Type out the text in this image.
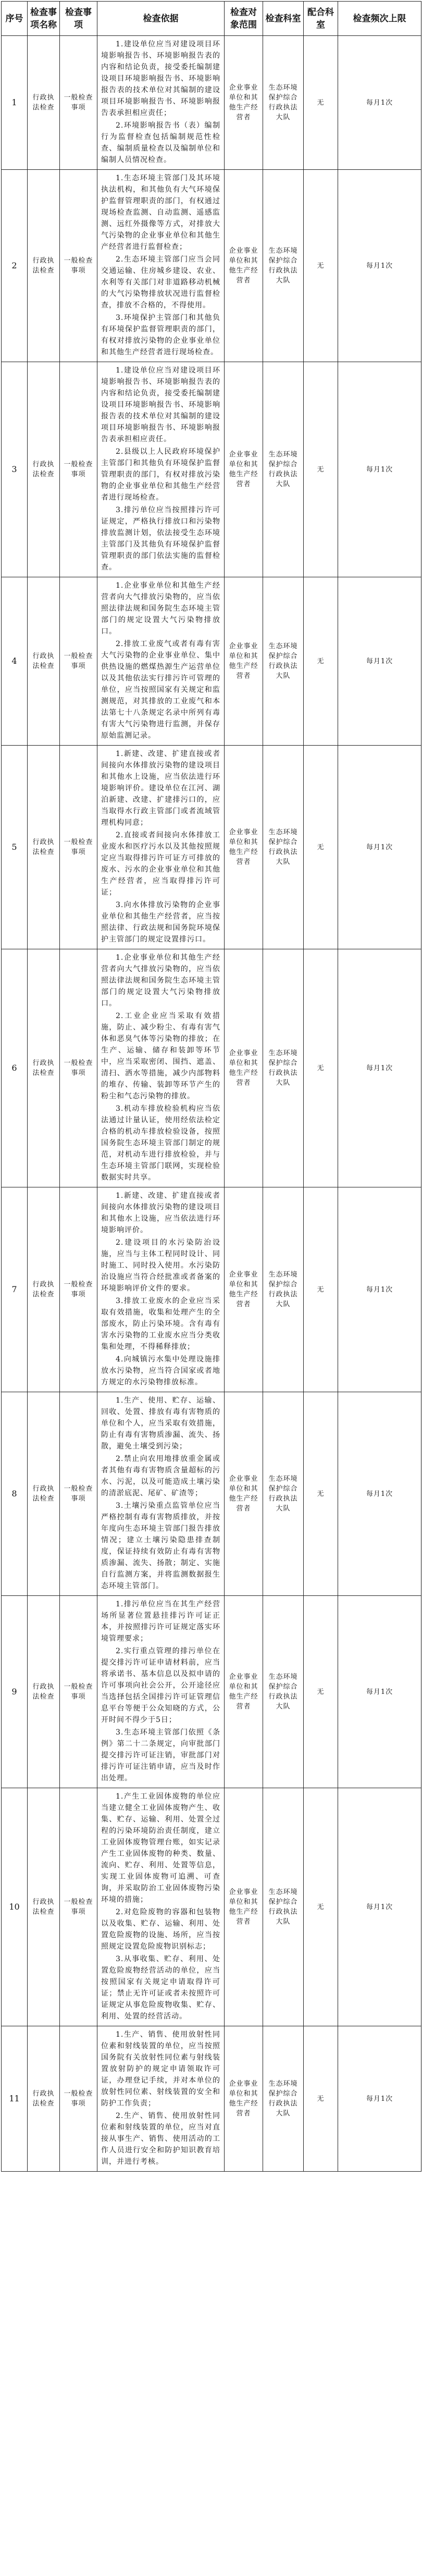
序号	检查事项名称	检查事项	检查依据	检查对象范围	检查科室	配合科室	检查频次上限
1	行政执法检查	一般检查事项	1.建设单位应当对建设项目环境影响报告书、环境影响报告表的内容和结论负责，接受委托编制建设项目环境影响报告书、环境影响报告表的技术单位对其编制的建设项目环境影响报告书、环境影响报告表承担相应责任；

2.环境影响报告书（表）编制行为监督检查包括编制规范性检查、编制质量检查以及编制单位和编制人员情况检查。	企业事业单位和其他生产经营者	生态环境保护综合行政执法大队	无	每月1次
2	行政执法检查	一般检查事项	1.生态环境主管部门及其环境执法机构，和其他负有大气环境保护监督管理职责的部门，有权通过现场检查监测、自动监测、遥感监测、远红外摄像等方式，对排放大气污染物的企业事业单位和其他生产经营者进行监督检查；

2.生态环境主管部门应当会同交通运输、住房城乡建设、农业、水利等有关部门对非道路移动机械的大气污染物排放状况进行监督检查，排放不合格的，不得使用。

3.环境保护主管部门和其他负有环境保护监督管理职责的部门，有权对排放污染物的企业事业单位和其他生产经营者进行现场检查。	企业事业单位和其他生产经营者	生态环境保护综合行政执法大队	无	每月1次
3	行政执法检查	一般检查事项	1.建设单位应当对建设项目环境影响报告书、环境影响报告表的内容和结论负责，接受委托编制建设项目环境影响报告书、环境影响报告表的技术单位对其编制的建设项目环境影响报告书、环境影响报告表承担相应责任。

2.县级以上人民政府环境保护主管部门和其他负有环境保护监督管理职责的部门，有权对排放污染物的企业事业单位和其他生产经营者进行现场检查。

3.排污单位应当按照排污许可证规定，严格执行排放口和污染物排放监测计划，依法接受生态环境主管部门及其他负有环境保护监督管理职责的部门依法实施的监督检查。	企业事业单位和其他生产经营者	生态环境保护综合行政执法大队	无	每月1次
4	行政执法检查	一般检查事项	1.企业事业单位和其他生产经营者向大气排放污染物的，应当依照法律法规和国务院生态环境主管部门的规定设置大气污染物排放口。

2.排放工业废气或者有毒有害大气污染物的企业事业单位、集中供热设施的燃煤热源生产运营单位以及其他依法实行排污许可管理的单位，应当按照国家有关规定和监测规范，对其排放的工业废气和本法第七十八条规定名录中所列有毒有害大气污染物进行监测，并保存原始监测记录。	企业事业单位和其他生产经营者	生态环境保护综合行政执法大队	无	每月1次
5	行政执法检查	一般检查事项	1.新建、改建、扩建直接或者间接向水体排放污染物的建设项目和其他水上设施，应当依法进行环境影响评价。建设单位在江河、湖泊新建、改建、扩建排污口的，应当取得水行政主管部门或者流域管理机构同意；

2.直接或者间接向水体排放工业废水和医疗污水以及其他按照规定应当取得排污许可证方可排放的废水、污水的企业事业单位和其他生产经营者，应当取得排污许可证；

3.向水体排放污染物的企业事业单位和其他生产经营者，应当按照法律、行政法规和国务院环境保护主管部门的规定设置排污口。	企业事业单位和其他生产经营者	生态环境保护综合行政执法大队	无	每月1次
6	行政执法检查	一般检查事项	1.企业事业单位和其他生产经营者向大气排放污染物的，应当依照法律法规和国务院生态环境主管部门的规定设置大气污染物排放口。

2.工业企业应当采取有效措施，防止、减少粉尘、有毒有害气体和恶臭气体等污染物的排放；在生产、运输、储存和装卸等环节中，应当采取密闭、围挡、遮盖、清扫、洒水等措施，减少内部物料的堆存、传输、装卸等环节产生的粉尘和气态污染物的排放。

3.机动车排放检验机构应当依法通过计量认证，使用经依法检定合格的机动车排放检验设备，按照国务院生态环境主管部门制定的规范，对机动车进行排放检验，并与生态环境主管部门联网，实现检验数据实时共享。	企业事业单位和其他生产经营者	生态环境保护综合行政执法大队	无	每月1次
7	行政执法检查	一般检查事项	1.新建、改建、扩建直接或者间接向水体排放污染物的建设项目和其他水上设施，应当依法进行环境影响评价。

2.建设项目的水污染防治设施，应当与主体工程同时设计、同时施工、同时投入使用。水污染防治设施应当符合经批准或者备案的环境影响评价文件的要求。

3.排放工业废水的企业应当采取有效措施，收集和处理产生的全部废水，防止污染环境。含有毒有害水污染物的工业废水应当分类收集和处理，不得稀释排放；

4.向城镇污水集中处理设施排放水污染物，应当符合国家或者地方规定的水污染物排放标准。	企业事业单位和其他生产经营者	生态环境保护综合行政执法大队	无	每月1次
8	行政执法检查	一般检查事项	1.生产、使用、贮存、运输、回收、处置、排放有毒有害物质的单位和个人，应当采取有效措施，防止有毒有害物质渗漏、流失、扬散，避免土壤受到污染；

2.禁止向农用地排放重金属或者其他有毒有害物质含量超标的污水、污泥，以及可能造成土壤污染的清淤底泥、尾矿、矿渣等；

3.土壤污染重点监管单位应当严格控制有毒有害物质排放，并按年度向生态环境主管部门报告排放情况；建立土壤污染隐患排查制度，保证持续有效防止有毒有害物质渗漏、流失、扬散；制定、实施自行监测方案，并将监测数据报生态环境主管部门。	企业事业单位和其他生产经营者	生态环境保护综合行政执法大队	无	每月1次
9	行政执法检查	一般检查事项	1.排污单位应当在其生产经营场所显著位置悬挂排污许可证正本，并按照排污许可证规定落实环境管理要求；

2.实行重点管理的排污单位在提交排污许可证申请材料前，应当将承诺书、基本信息以及拟申请的许可事项向社会公开，公开途径应当选择包括全国排污许可证管理信息平台等便于公众知晓的方式，公开时间不得少于5日；

3.生态环境主管部门依照《条例》第二十二条规定，向审批部门提交排污许可证注销，审批部门对排污许可证注销申请，应当及时作出处理。	企业事业单位和其他生产经营者	生态环境保护综合行政执法大队	无	每月1次
10	行政执法检查	一般检查事项	1.产生工业固体废物的单位应当建立健全工业固体废物产生、收集、贮存、运输、利用、处置全过程的污染环境防治责任制度，建立工业固体废物管理台账，如实记录产生工业固体废物的种类、数量、流向、贮存、利用、处置等信息，实现工业固体废物可追溯、可查询，并采取防治工业固体废物污染环境的措施；

2.对危险废物的容器和包装物以及收集、贮存、运输、利用、处置危险废物的设施、场所，应当按照规定设置危险废物识别标志；

3.从事收集、贮存、利用、处置危险废物经营活动的单位，应当按照国家有关规定申请取得许可证；禁止无许可证或者未按照许可证规定从事危险废物收集、贮存、利用、处置的经营活动。	企业事业单位和其他生产经营者	生态环境保护综合行政执法大队	无	每月1次
11	行政执法检查	一般检查事项	1.生产、销售、使用放射性同位素和射线装置的单位，应当按照国务院有关放射性同位素与射线装置放射防护的规定申请领取许可证，办理登记手续，并对本单位的放射性同位素、射线装置的安全和防护工作负责；

2.生产、销售、使用放射性同位素和射线装置的单位，应当对直接从事生产、销售、使用活动的工作人员进行安全和防护知识教育培训，并进行考核。	企业事业单位和其他生产经营者	生态环境保护综合行政执法大队	无	每月1次
